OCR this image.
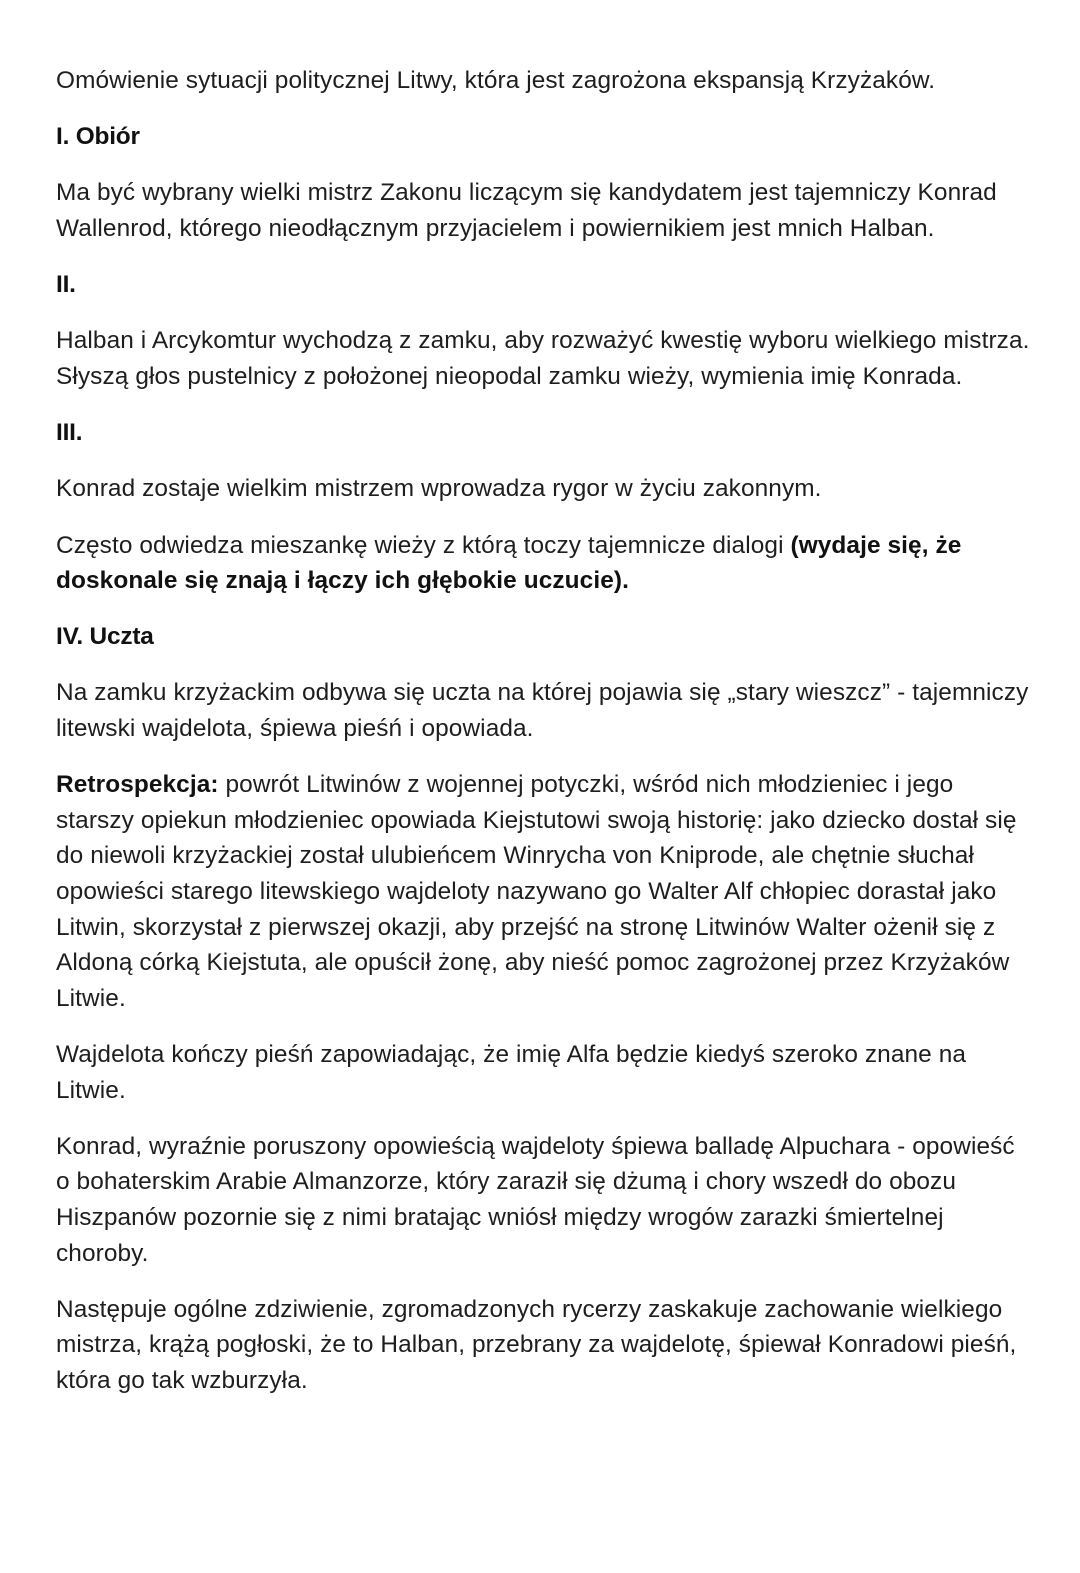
Omówienie sytuacji politycznej Litwy, która jest zagrożona ekspansją Krzyżaków.

I. Obiór

Ma być wybrany wielki mistrz Zakonu liczącym się kandydatem jest tajemniczy Konrad Wallenrod, którego nieodłącznym przyjacielem i powiernikiem jest mnich Halban.

II.

Halban i Arcykomtur wychodzą z zamku, aby rozważyć kwestię wyboru wielkiego mistrza. Słyszą głos pustelnicy z położonej nieopodal zamku wieży, wymienia imię Konrada.

III.

Konrad zostaje wielkim mistrzem wprowadza rygor w życiu zakonnym.

Często odwiedza mieszankę wieży z którą toczy tajemnicze dialogi (wydaje się, że doskonale się znają i łączy ich głębokie uczucie).

IV. Uczta

Na zamku krzyżackim odbywa się uczta na której pojawia się „stary wieszcz” - tajemniczy litewski wajdelota, śpiewa pieśń i opowiada.

Retrospekcja: powrót Litwinów z wojennej potyczki, wśród nich młodzieniec i jego starszy opiekun młodzieniec opowiada Kiejstutowi swoją historię: jako dziecko dostał się do niewoli krzyżackiej został ulubieńcem Winrycha von Kniprode, ale chętnie słuchał opowieści starego litewskiego wajdeloty nazywano go Walter Alf chłopiec dorastał jako Litwin, skorzystał z pierwszej okazji, aby przejść na stronę Litwinów Walter ożenił się z Aldoną córką Kiejstuta, ale opuścił żonę, aby nieść pomoc zagrożonej przez Krzyżaków Litwie.

Wajdelota kończy pieśń zapowiadając, że imię Alfa będzie kiedyś szeroko znane na Litwie.

Konrad, wyraźnie poruszony opowieścią wajdeloty śpiewa balladę Alpuchara - opowieść o bohaterskim Arabie Almanzorze, który zaraził się dżumą i chory wszedł do obozu Hiszpanów pozornie się z nimi bratając wniósł między wrogów zarazki śmiertelnej choroby.

Następuje ogólne zdziwienie, zgromadzonych rycerzy zaskakuje zachowanie wielkiego mistrza, krążą pogłoski, że to Halban, przebrany za wajdelotę, śpiewał Konradowi pieśń, która go tak wzburzyła.
